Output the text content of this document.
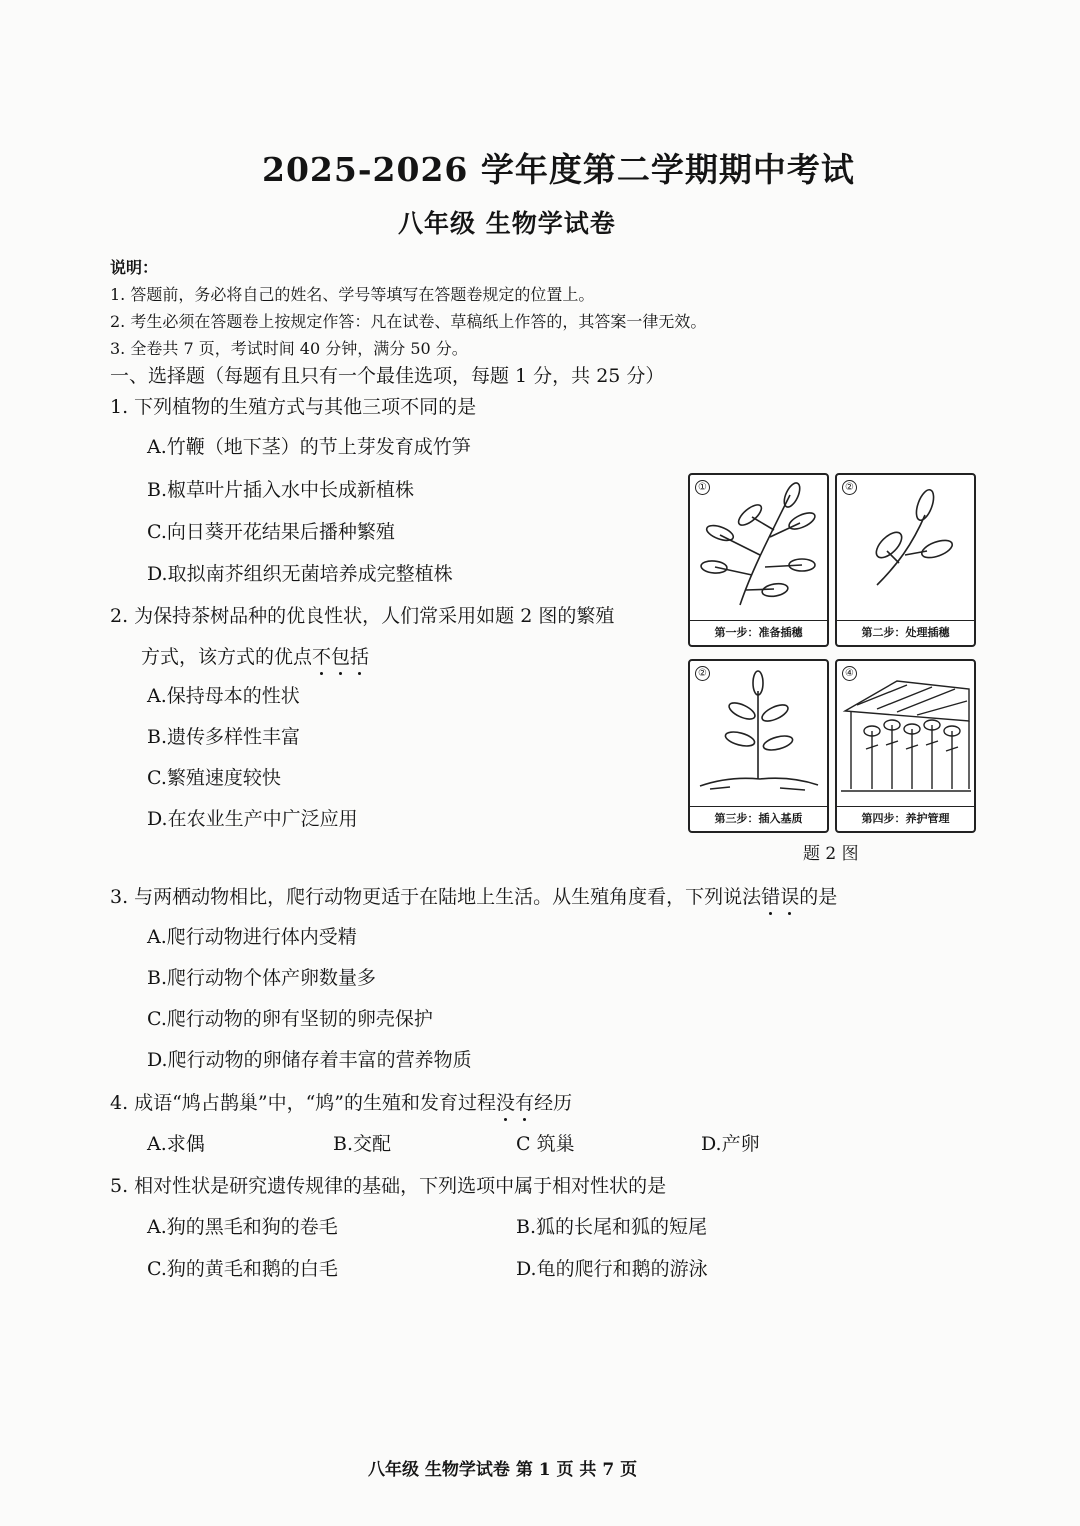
2025-2026 学年度第二学期期中考试
八年级 生物学试卷
说明：
1. 答题前，务必将自己的姓名、学号等填写在答题卷规定的位置上。
2. 考生必须在答题卷上按规定作答：凡在试卷、草稿纸上作答的，其答案一律无效。
3. 全卷共 7 页，考试时间 40 分钟，满分 50 分。
一、选择题（每题有且只有一个最佳选项，每题 1 分，共 25 分）
1. 下列植物的生殖方式与其他三项不同的是
A.竹鞭（地下茎）的节上芽发育成竹笋
B.椒草叶片插入水中长成新植株
C.向日葵开花结果后播种繁殖
D.取拟南芥组织无菌培养成完整植株
2. 为保持茶树品种的优良性状，人们常采用如题 2 图的繁殖
方式，该方式的优点不包括
A.保持母本的性状
B.遗传多样性丰富
C.繁殖速度较快
D.在农业生产中广泛应用
①
第一步：准备插穗
②
第二步：处理插穗
②
第三步：插入基质
④
第四步：养护管理
题 2 图
3. 与两栖动物相比，爬行动物更适于在陆地上生活。从生殖角度看，下列说法错误的是
A.爬行动物进行体内受精
B.爬行动物个体产卵数量多
C.爬行动物的卵有坚韧的卵壳保护
D.爬行动物的卵储存着丰富的营养物质
4. 成语“鸠占鹊巢”中，“鸠”的生殖和发育过程没有经历
A.求偶	B.交配	C 筑巢	D.产卵
5. 相对性状是研究遗传规律的基础，下列选项中属于相对性状的是
A.狗的黑毛和狗的卷毛	B.狐的长尾和狐的短尾
C.狗的黄毛和鹅的白毛	D.龟的爬行和鹅的游泳
八年级 生物学试卷 第 1 页 共 7 页
